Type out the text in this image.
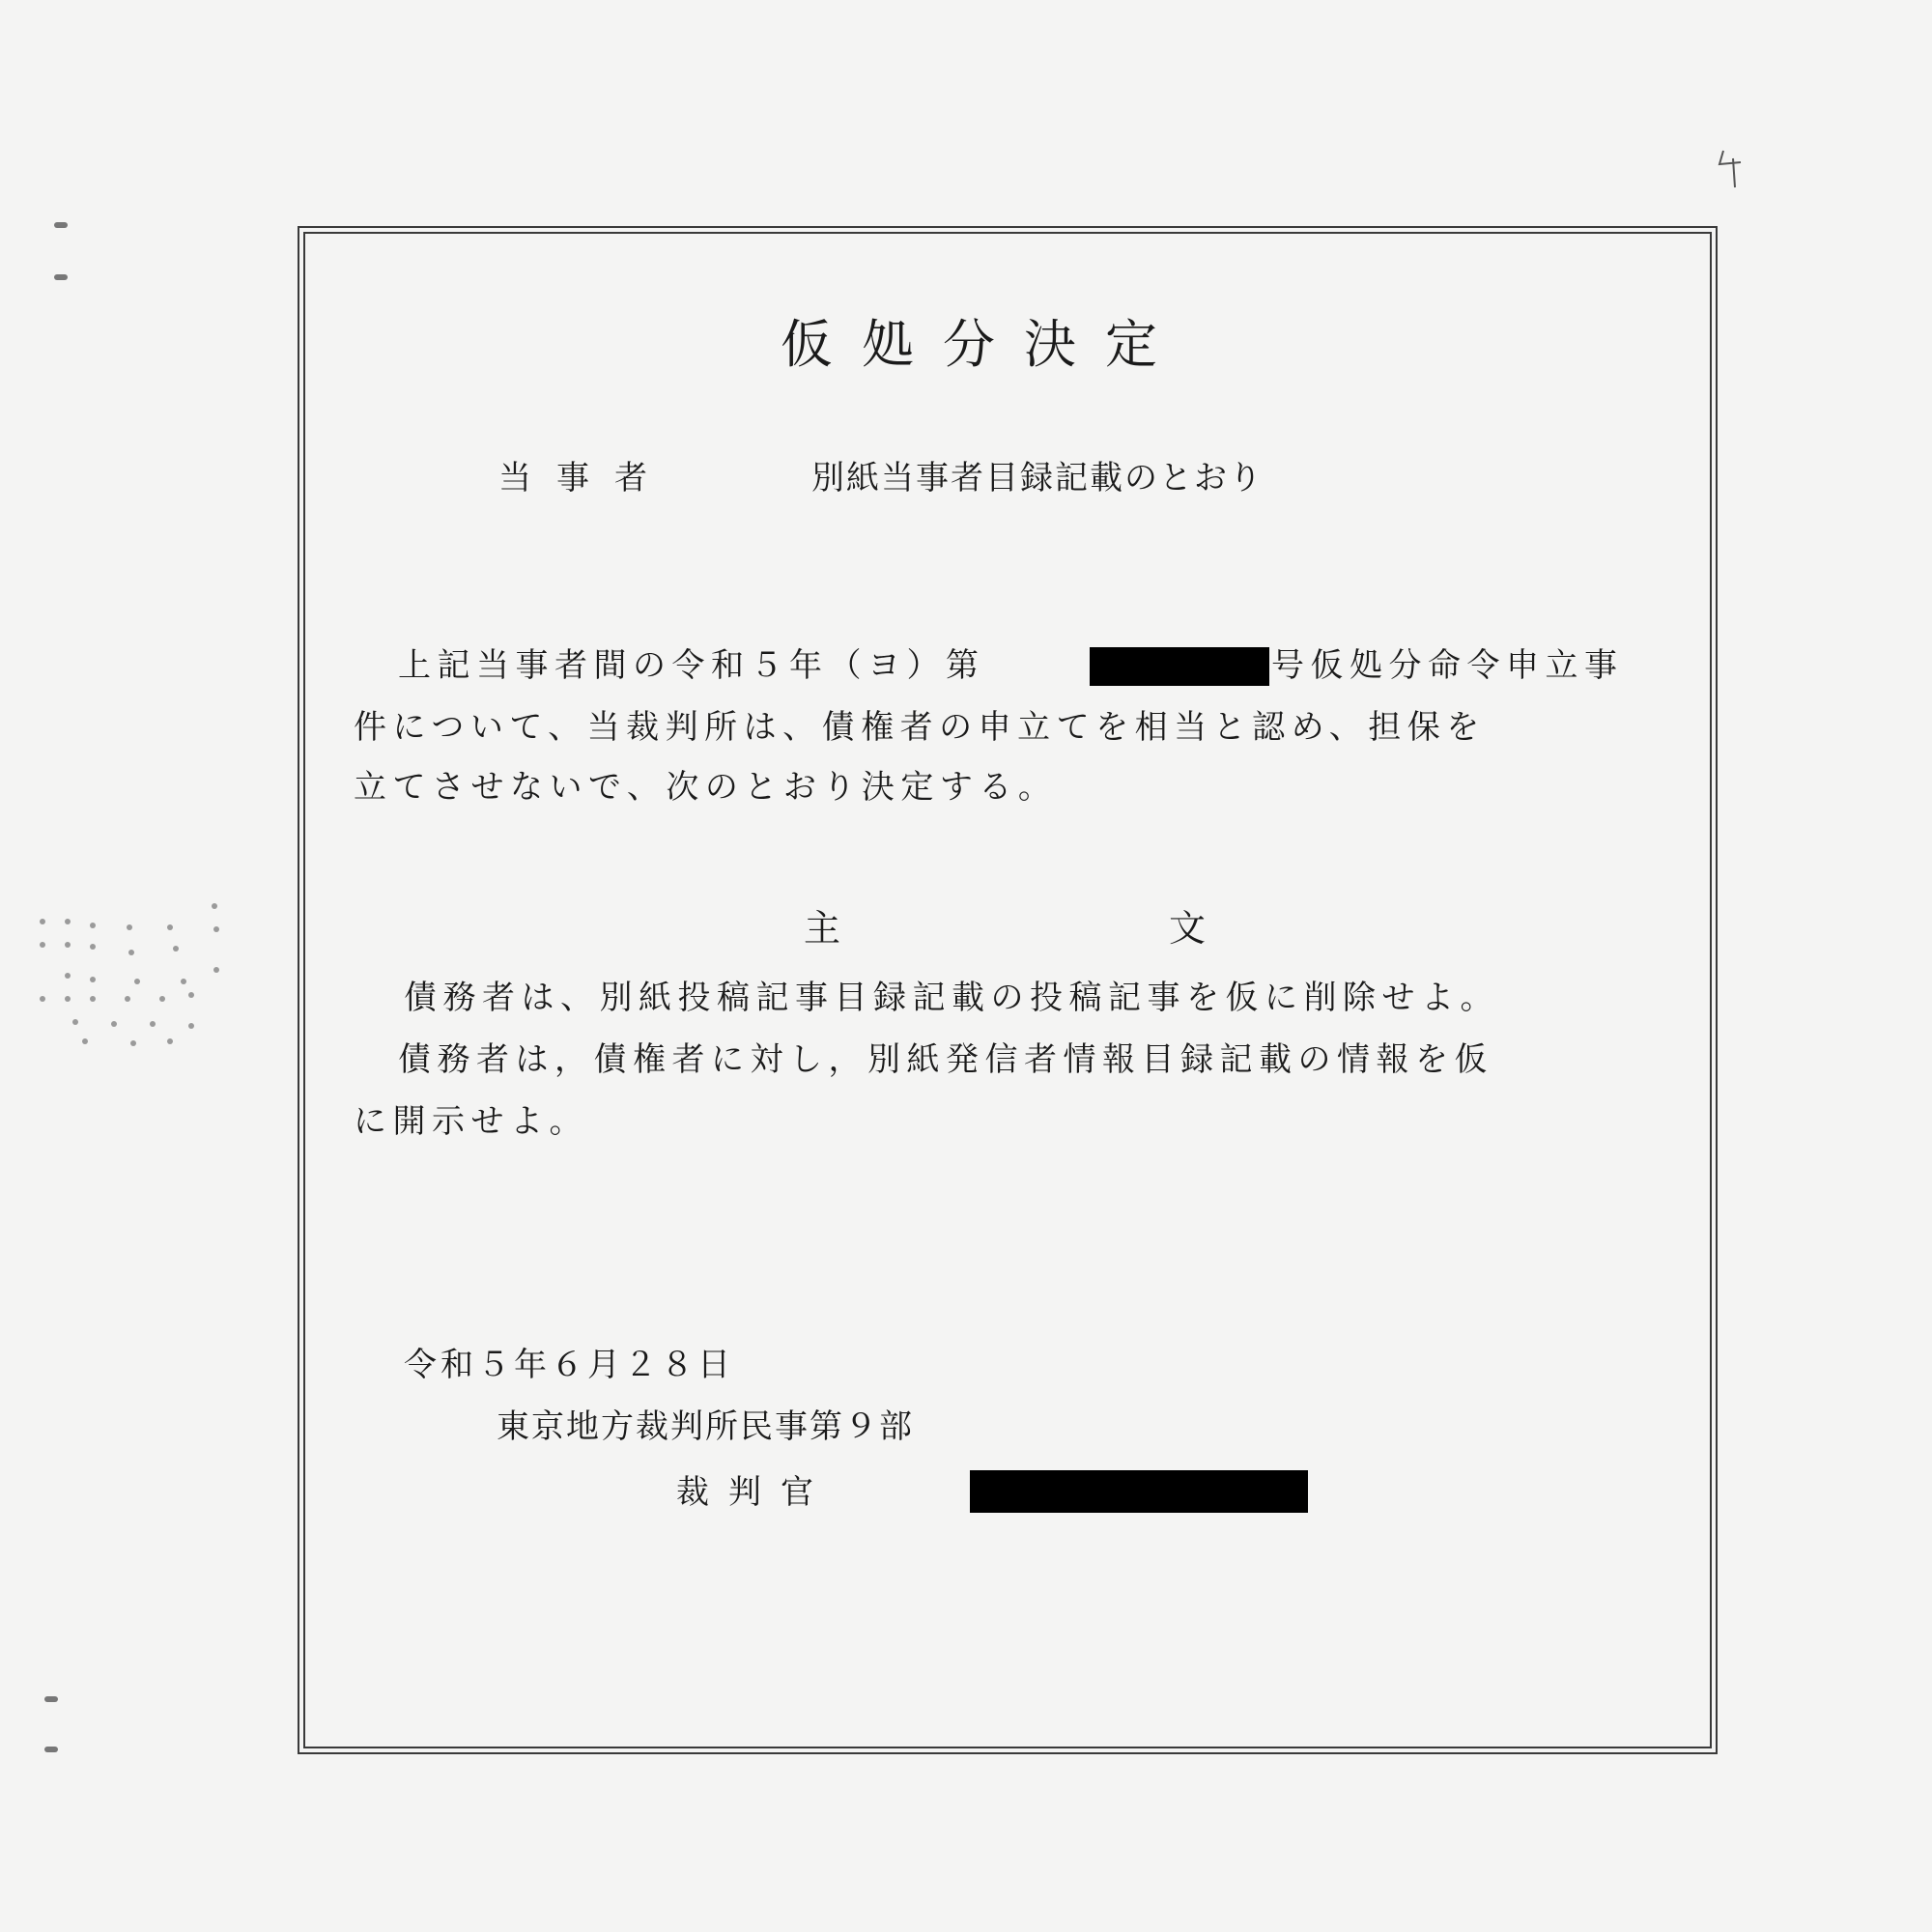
仮処分決定
当事者	別紙当事者目録記載のとおり
上記当事者間の令和５年（ヨ）第	号仮処分命令申立事
件について、当裁判所は、債権者の申立てを相当と認め、担保を
立てさせないで、次のとおり決定する。
主	文
債務者は、別紙投稿記事目録記載の投稿記事を仮に削除せよ。
債務者は，債権者に対し，別紙発信者情報目録記載の情報を仮
に開示せよ。
令和５年６月２８日
東京地方裁判所民事第９部
裁判官
